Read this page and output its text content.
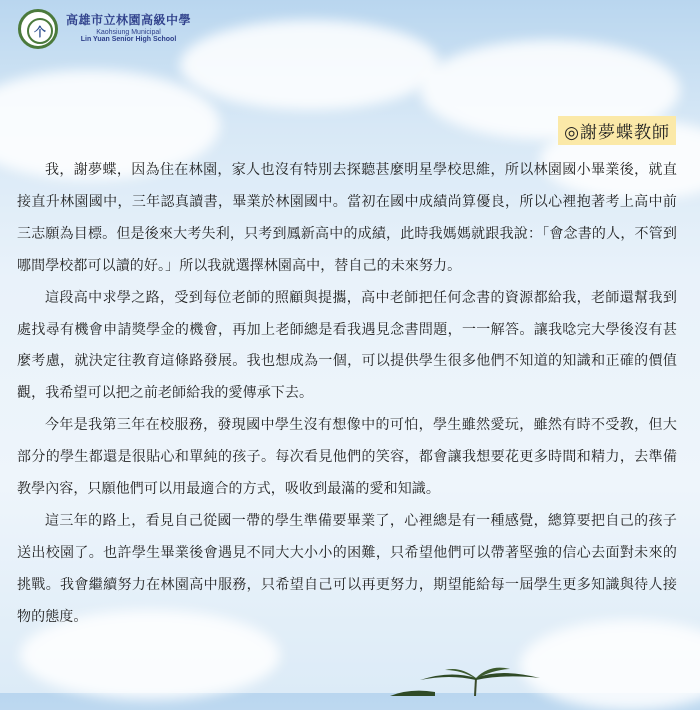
个
高雄市立林園高級中學
Kaohsiung Municipal
Lin Yuan Senior High School
◎謝夢蝶教師

我，謝夢蝶，因為住在林園，家人也沒有特別去探聽甚麼明星學校思維，所以林園國小畢業後，就直接直升林園國中，三年認真讀書，畢業於林園國中。當初在國中成績尚算優良，所以心裡抱著考上高中前三志願為目標。但是後來大考失利，只考到鳳新高中的成績，此時我媽媽就跟我說：「會念書的人，不管到哪間學校都可以讀的好。」所以我就選擇林園高中，替自己的未來努力。

這段高中求學之路，受到每位老師的照顧與提攜，高中老師把任何念書的資源都給我，老師還幫我到處找尋有機會申請獎學金的機會，再加上老師總是看我遇見念書問題，一一解答。讓我唸完大學後沒有甚麼考慮，就決定往教育這條路發展。我也想成為一個，可以提供學生很多他們不知道的知識和正確的價值觀，我希望可以把之前老師給我的愛傳承下去。

今年是我第三年在校服務，發現國中學生沒有想像中的可怕，學生雖然愛玩，雖然有時不受教，但大部分的學生都還是很貼心和單純的孩子。每次看見他們的笑容，都會讓我想要花更多時間和精力，去準備教學內容，只願他們可以用最適合的方式，吸收到最滿的愛和知識。

這三年的路上，看見自己從國一帶的學生準備要畢業了，心裡總是有一種感覺，總算要把自己的孩子送出校園了。也許學生畢業後會遇見不同大大小小的困難，只希望他們可以帶著堅強的信心去面對未來的挑戰。我會繼續努力在林園高中服務，只希望自己可以再更努力，期望能給每一屆學生更多知識與待人接物的態度。
